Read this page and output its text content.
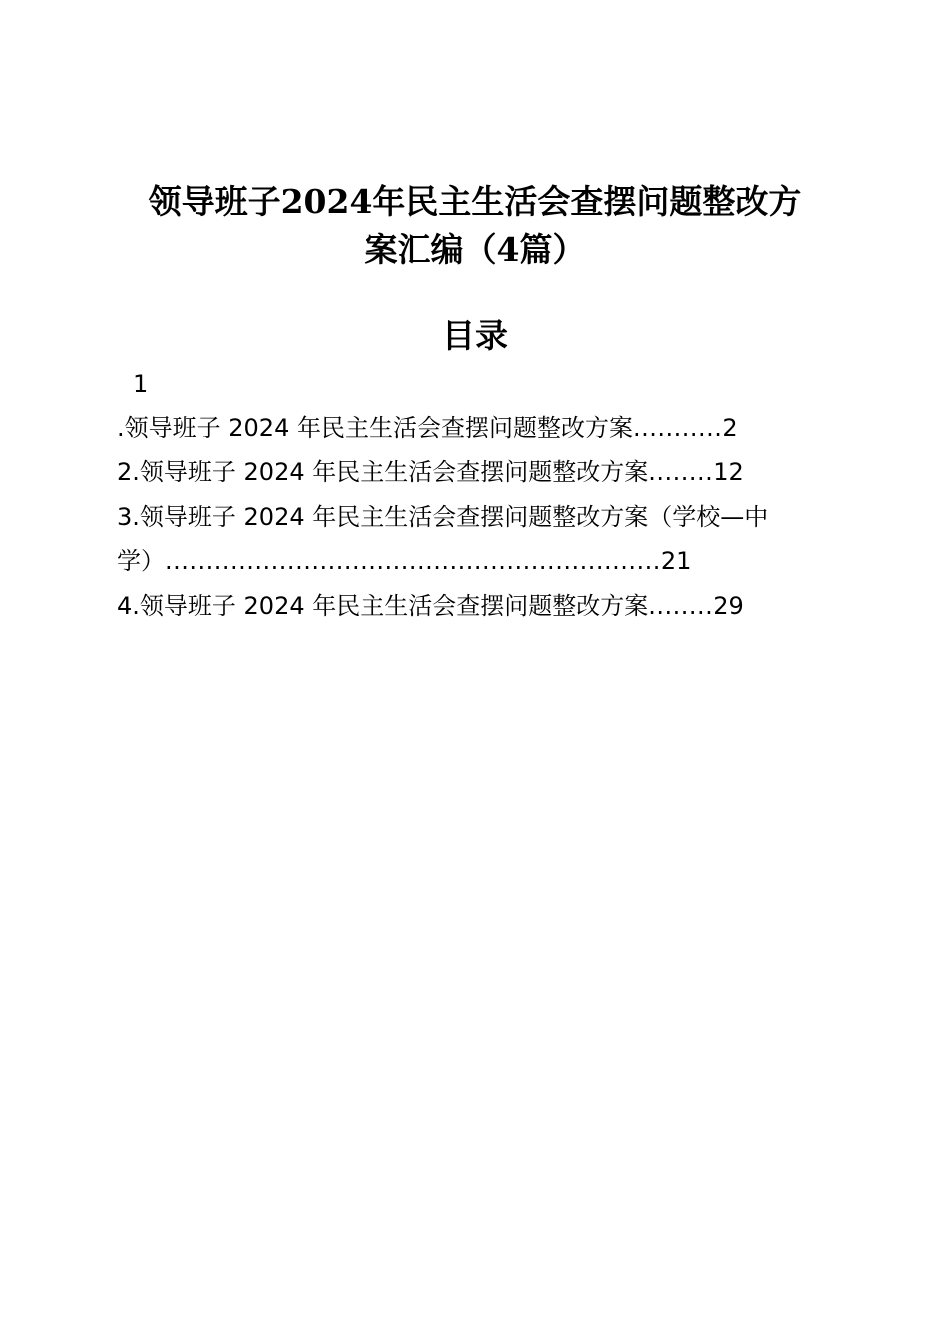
领导班子2024年民主生活会查摆问题整改方
案汇编（4篇）
目录
1
.领导班子 2024 年民主生活会查摆问题整改方案...........2
2.领导班子 2024 年民主生活会查摆问题整改方案........12
3.领导班子 2024 年民主生活会查摆问题整改方案（学校—中
学）.............................................................21
4.领导班子 2024 年民主生活会查摆问题整改方案........29
